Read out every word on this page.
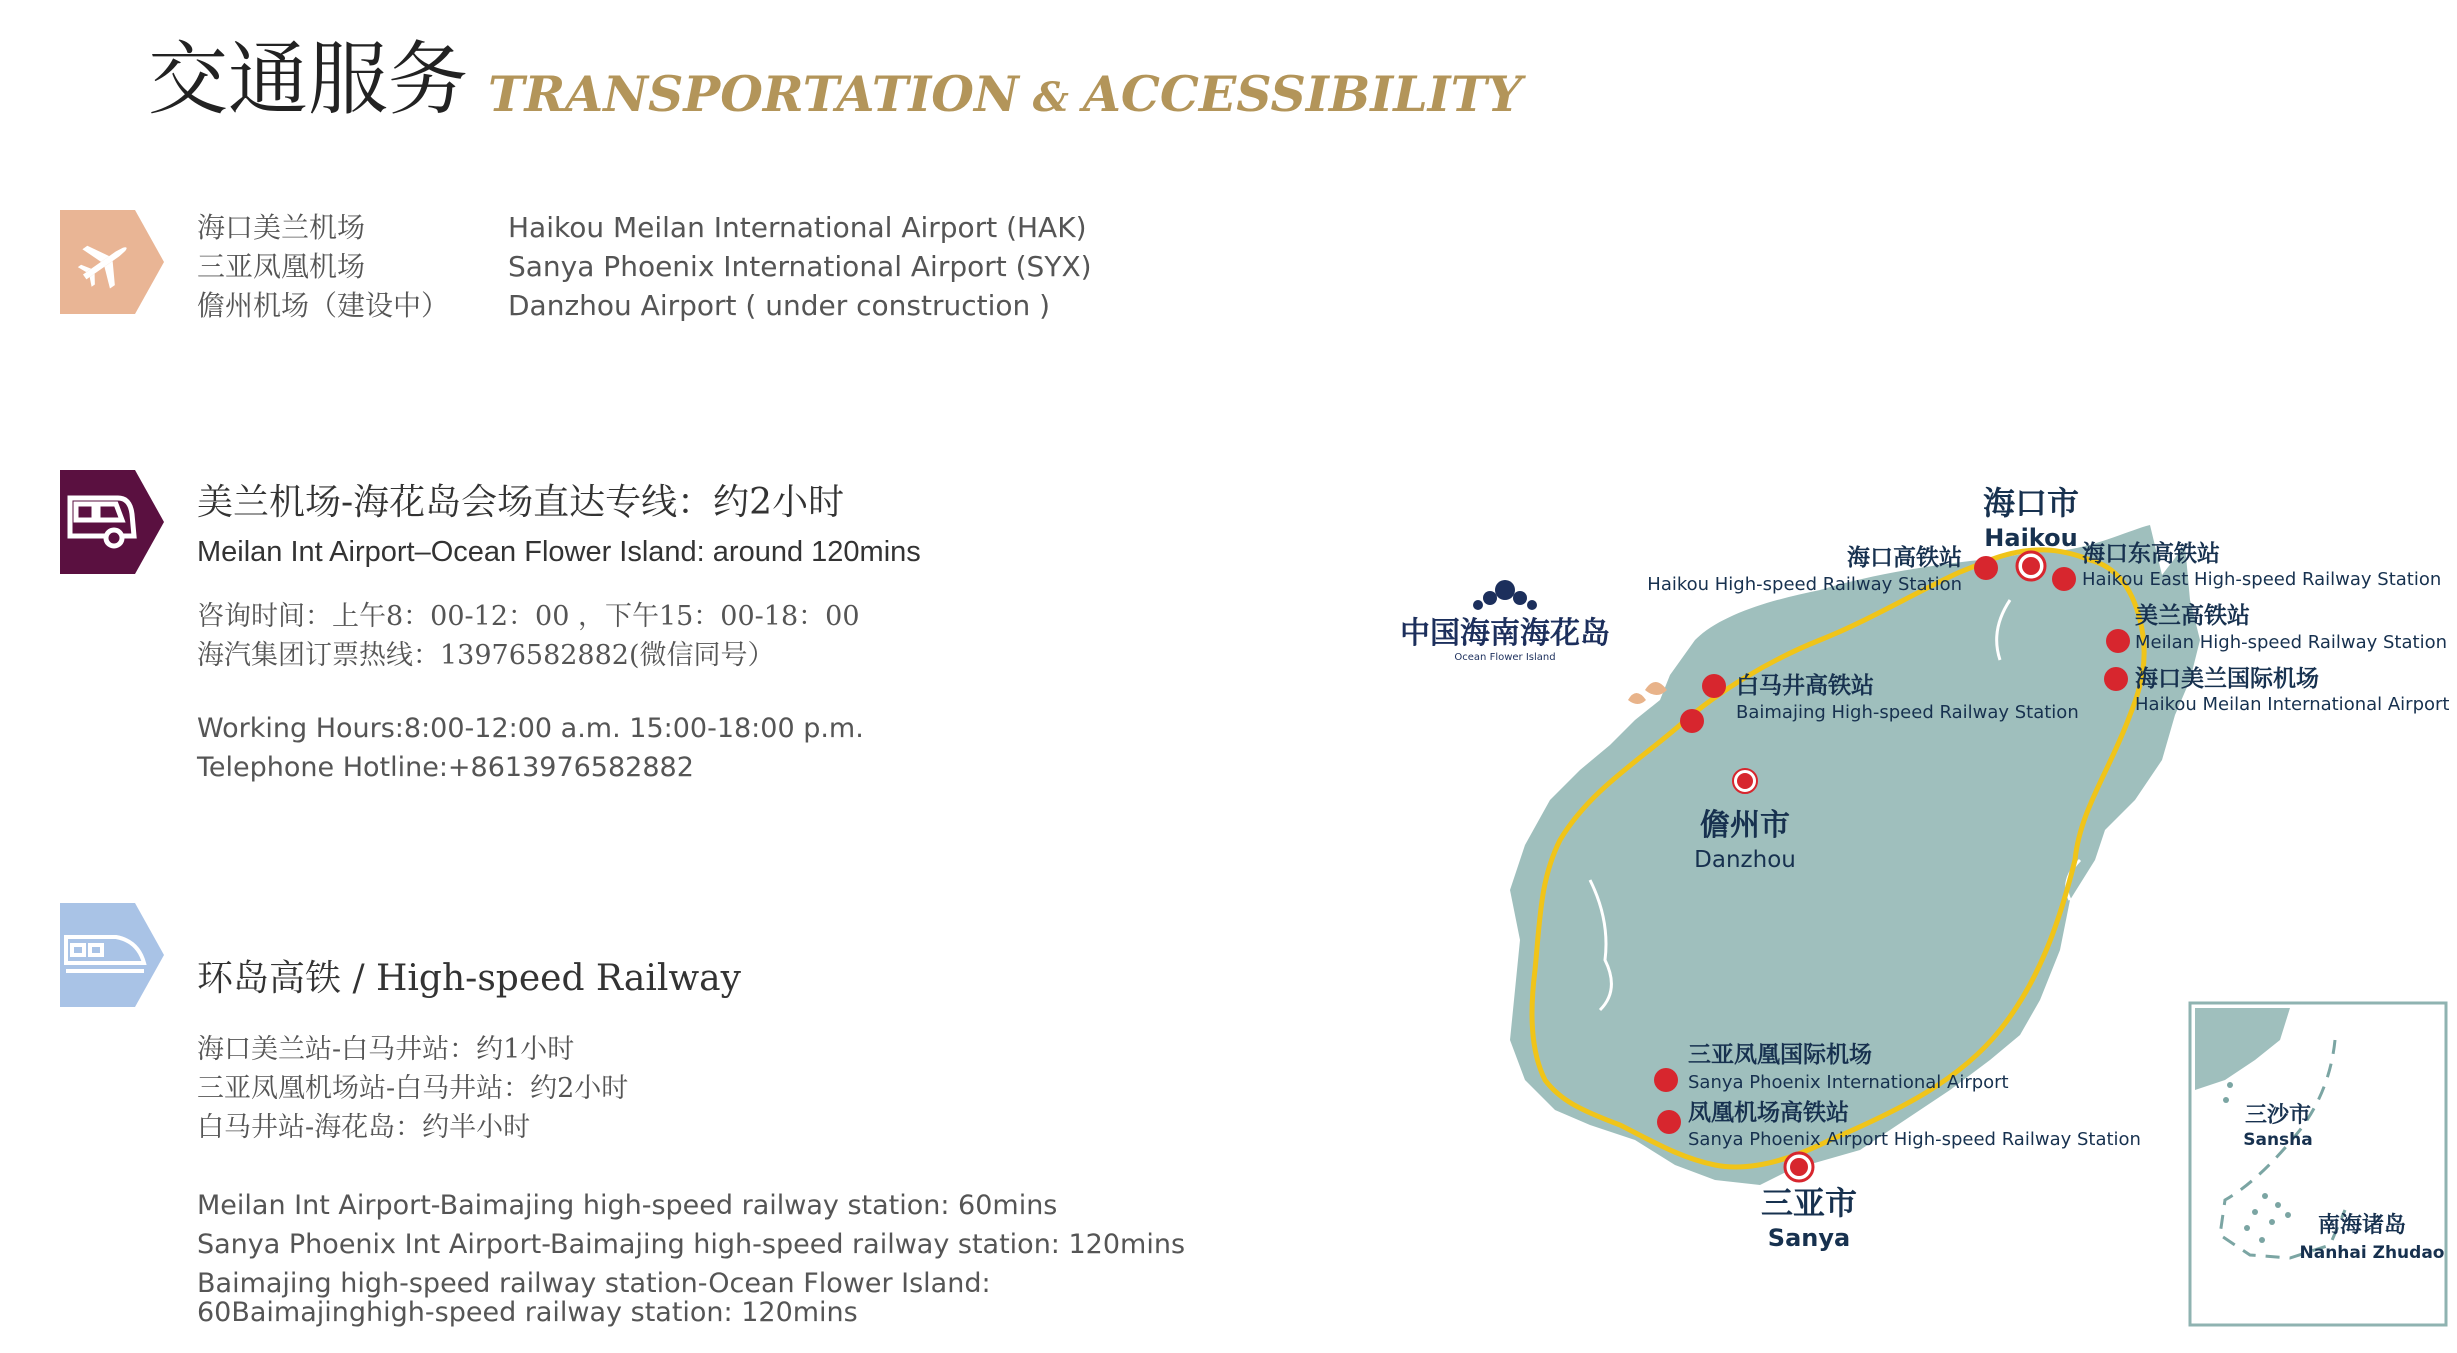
交通服务 TRANSPORTATION & ACCESSIBILITY
海口美兰机场
三亚凤凰机场
儋州机场（建设中）
Haikou Meilan International Airport (HAK)
Sanya Phoenix International Airport (SYX)
Danzhou Airport ( under construction )
美兰机场-海花岛会场直达专线：约2小时
Meilan Int Airport–Ocean Flower Island: around 120mins
咨询时间：上午8：00-12：00 ，下午15：00-18：00
海汽集团订票热线：13976582882(微信同号）
Working Hours:8:00-12:00 a.m. 15:00-18:00 p.m.
Telephone Hotline:+8613976582882
环岛高铁 / High-speed Railway
海口美兰站-白马井站：约1小时
三亚凤凰机场站-白马井站：约2小时
白马井站-海花岛：约半小时
Meilan Int Airport-Baimajing high-speed railway station: 60mins
Sanya Phoenix Int Airport-Baimajing high-speed railway station: 120mins
Baimajing high-speed railway station-Ocean Flower Island:
60Baimajinghigh-speed railway station: 120mins
中国海南海花岛
Ocean Flower Island
海口市
Haikou
海口高铁站
Haikou High-speed Railway Station
海口东高铁站
Haikou East High-speed Railway Station
美兰高铁站
Meilan High-speed Railway Station
海口美兰国际机场
Haikou Meilan International Airport
白马井高铁站
Baimajing High-speed Railway Station
儋州市
Danzhou
三亚凤凰国际机场
Sanya Phoenix International Airport
凤凰机场高铁站
Sanya Phoenix Airport High-speed Railway Station
三亚市
Sanya
三沙市
Sansha
南海诸岛
Nanhai Zhudao
